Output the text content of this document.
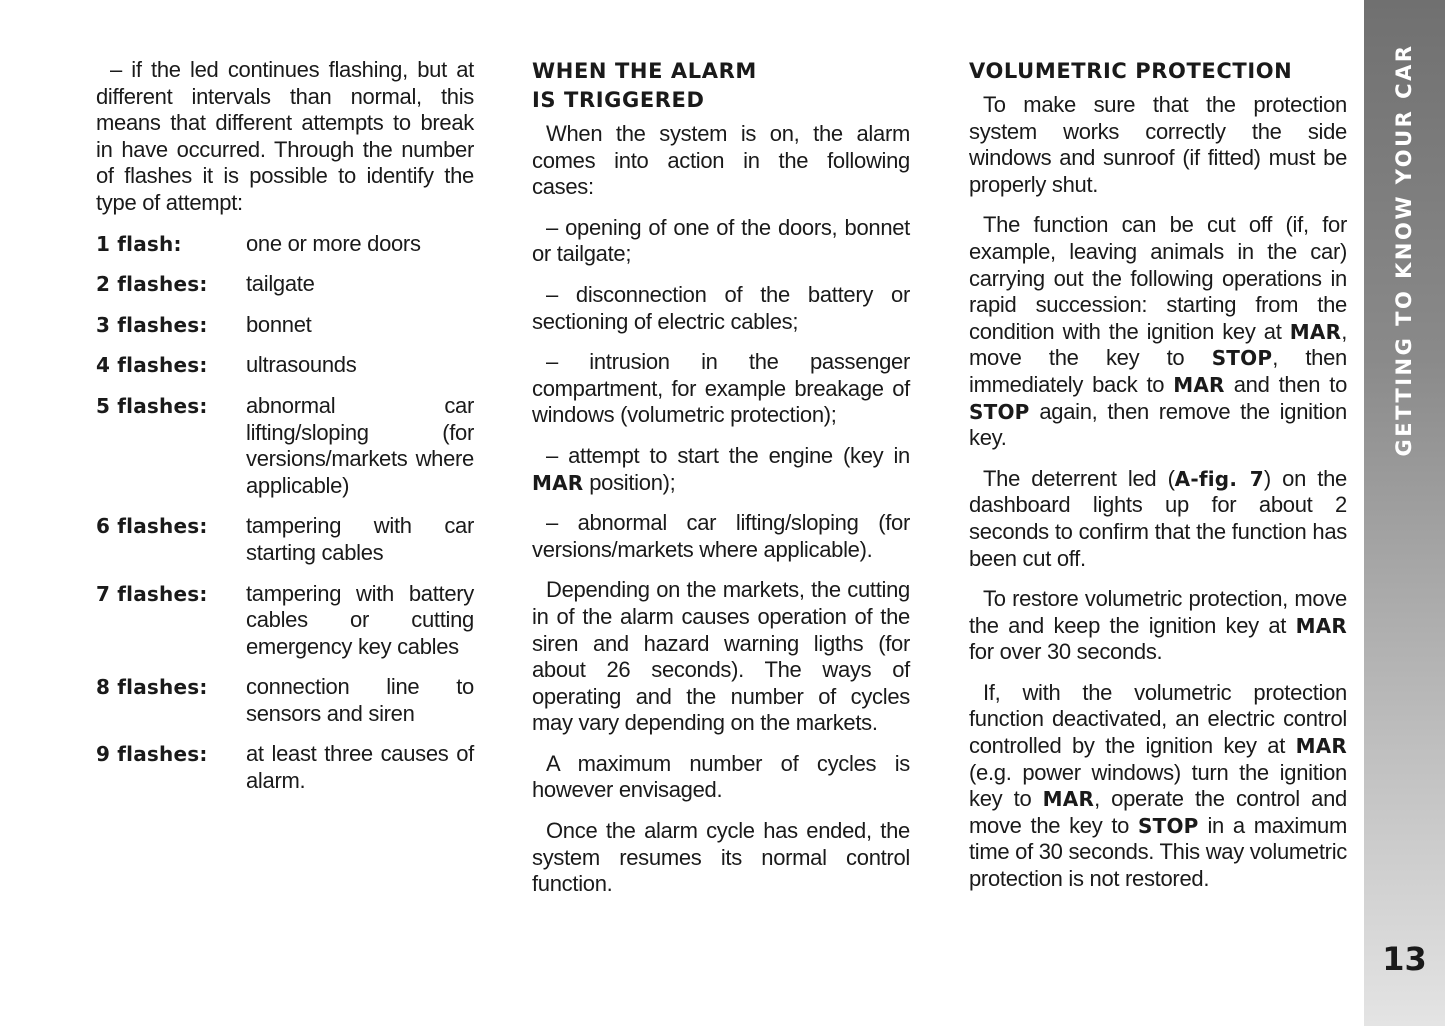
– if the led continues flashing, but at different intervals than normal, this means that different attempts to break in have occurred. Through the number of flashes it is possible to identify the type of attempt:

1 flash:	one or more doors
2 flashes:	tailgate
3 flashes:	bonnet
4 flashes:	ultrasounds
5 flashes:	abnormal car lifting/sloping (for versions/markets where applicable)
6 flashes:	tampering with car starting cables
7 flashes:	tampering with battery cables or cutting emergency key cables
8 flashes:	connection line to sensors and siren
9 flashes:	at least three causes of alarm.
WHEN THE ALARM
IS TRIGGERED

When the system is on, the alarm comes into action in the following cases:

– opening of one of the doors, bonnet or tailgate;

– disconnection of the battery or sectioning of electric cables;

– intrusion in the passenger compartment, for example breakage of windows (volumetric protection);

– attempt to start the engine (key in MAR position);

– abnormal car lifting/sloping (for versions/markets where applicable).

Depending on the markets, the cutting in of the alarm causes operation of the siren and hazard warning ligths (for about 26 seconds). The ways of operating and the number of cycles may vary depending on the markets.

A maximum number of cycles is however envisaged.

Once the alarm cycle has ended, the system resumes its normal control function.

VOLUMETRIC PROTECTION

To make sure that the protection system works correctly the side windows and sunroof (if fitted) must be properly shut.

The function can be cut off (if, for example, leaving animals in the car) carrying out the following operations in rapid succession: starting from the condition with the ignition key at MAR, move the key to STOP, then immediately back to MAR and then to STOP again, then remove the ignition key.

The deterrent led (A-fig. 7) on the dashboard lights up for about 2 seconds to confirm that the function has been cut off.

To restore volumetric protection, move the and keep the ignition key at MAR for over 30 seconds.

If, with the volumetric protection function deactivated, an electric control controlled by the ignition key at MAR (e.g. power windows) turn the ignition key to MAR, operate the control and move the key to STOP in a maximum time of 30 seconds. This way volumetric protection is not restored.

GETTING TO KNOW YOUR CAR
13
